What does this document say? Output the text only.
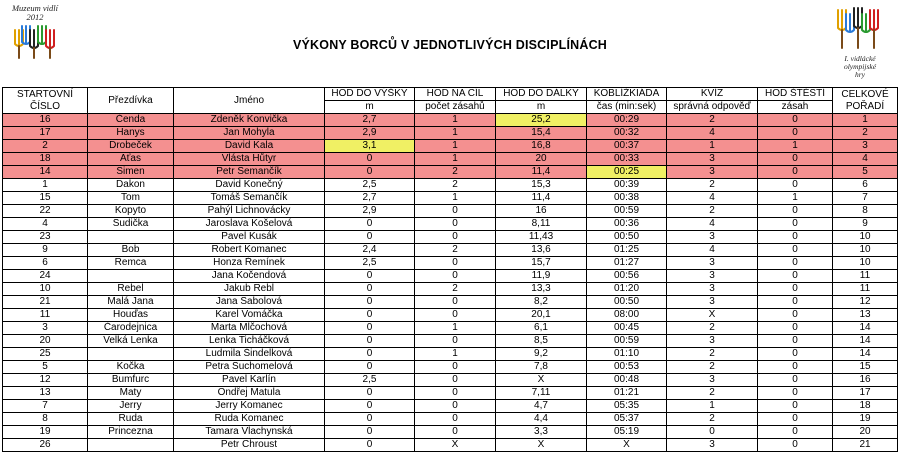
Muzeum vidlí
2012
I. vidlácké
olympijské
hry
VÝKONY BORCŮ V JEDNOTLIVÝCH DISCIPLÍNÁCH
STARTOVNÍ
ČÍSLO	Přezdívka	Jméno	HOD DO VÝŠKY	HOD NA CÍL	HOD DO DÁLKY	KOBLÍŽKIÁDA	KVÍZ	HOD ŠTĚSTÍ	CELKOVÉ
POŘADÍ
			m	počet zásahů	m	čas (min:sek)	správná odpověď	zásah	
16	Čenda	Zdeněk Konvička	2,7	1	25,2	00:29	2	0	1
17	Hanys	Jan Mohyla	2,9	1	15,4	00:32	4	0	2
2	Drobeček	David Kala	3,1	1	16,8	00:37	1	1	3
18	Aťas	Vlásta Hůtyr	0	1	20	00:33	3	0	4
14	Simen	Petr Semančík	0	2	11,4	00:25	3	0	5
1	Dakon	David Konečný	2,5	2	15,3	00:39	2	0	6
15	Tom	Tomáš Semančík	2,7	1	11,4	00:38	4	1	7
22	Kopyto	Pahýl Lichnovácky	2,9	0	16	00:59	2	0	8
4	Sudička	Jaroslava Košelová	0	0	8,11	00:36	4	0	9
23		Pavel Kusák	0	0	11,43	00:50	3	0	10
9	Bob	Robert Komanec	2,4	2	13,6	01:25	4	0	10
6	Remca	Honza Řemínek	2,5	0	15,7	01:27	3	0	10
24		Jana Kočendová	0	0	11,9	00:56	3	0	11
10	Rebel	Jakub Rebl	0	2	13,3	01:20	3	0	11
21	Malá Jana	Jana Sabolová	0	0	8,2	00:50	3	0	12
11	Houďas	Karel Vomáčka	0	0	20,1	08:00	X	0	13
3	Čarodejnica	Marta Mlčochová	0	1	6,1	00:45	2	0	14
20	Velká Lenka	Lenka Ticháčková	0	0	8,5	00:59	3	0	14
25		Ludmila Šindelková	0	1	9,2	01:10	2	0	14
5	Kočka	Petra Suchomelová	0	0	7,8	00:53	2	0	15
12	Bumfurc	Pavel Karlín	2,5	0	X	00:48	3	0	16
13	Maty	Ondřej Matula	0	0	7,11	01:21	2	0	17
7	Jerry	Jerry Komanec	0	0	4,7	05:35	1	0	18
8	Ruda	Ruda Komanec	0	0	4,4	05:37	2	0	19
19	Princezna	Tamara Vlachynská	0	0	3,3	05:19	0	0	20
26		Petr Chroust	0	X	X	X	3	0	21
